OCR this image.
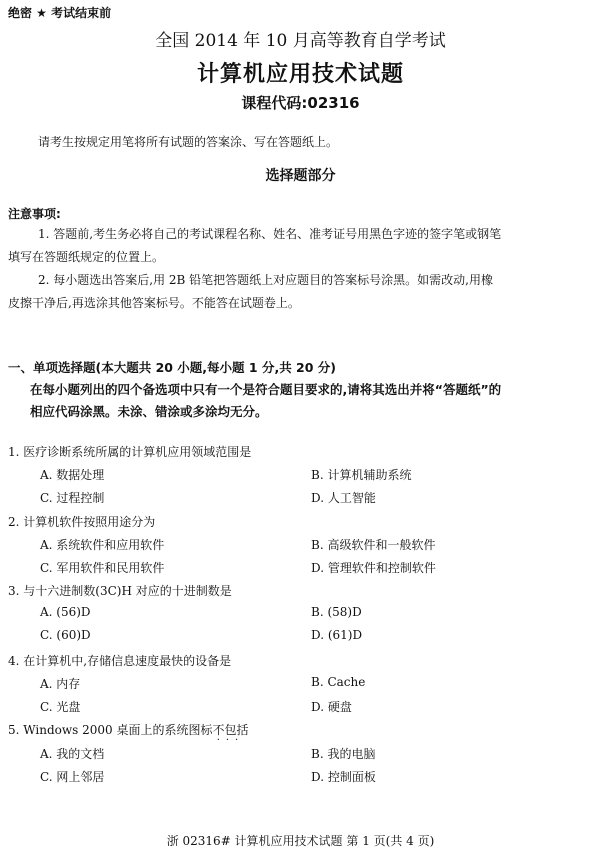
绝密 ★ 考试结束前
全国 2014 年 10 月高等教育自学考试
计算机应用技术试题
课程代码:02316
请考生按规定用笔将所有试题的答案涂、写在答题纸上。
选择题部分
注意事项:
1. 答题前,考生务必将自己的考试课程名称、姓名、准考证号用黑色字迹的签字笔或钢笔
填写在答题纸规定的位置上。
2. 每小题选出答案后,用 2B 铅笔把答题纸上对应题目的答案标号涂黑。如需改动,用橡
皮擦干净后,再选涂其他答案标号。不能答在试题卷上。
一、单项选择题(本大题共 20 小题,每小题 1 分,共 20 分)
在每小题列出的四个备选项中只有一个是符合题目要求的,请将其选出并将“答题纸”的
相应代码涂黑。未涂、错涂或多涂均无分。
1. 医疗诊断系统所属的计算机应用领域范围是
A. 数据处理	B. 计算机辅助系统
C. 过程控制	D. 人工智能
2. 计算机软件按照用途分为
A. 系统软件和应用软件	B. 高级软件和一般软件
C. 军用软件和民用软件	D. 管理软件和控制软件
3. 与十六进制数(3C)H 对应的十进制数是
A. (56)D	B. (58)D
C. (60)D	D. (61)D
4. 在计算机中,存储信息速度最快的设备是
A. 内存	B. Cache
C. 光盘	D. 硬盘
5. Windows 2000 桌面上的系统图标不包括
···
A. 我的文档	B. 我的电脑
C. 网上邻居	D. 控制面板
浙 02316# 计算机应用技术试题 第 1 页(共 4 页)
